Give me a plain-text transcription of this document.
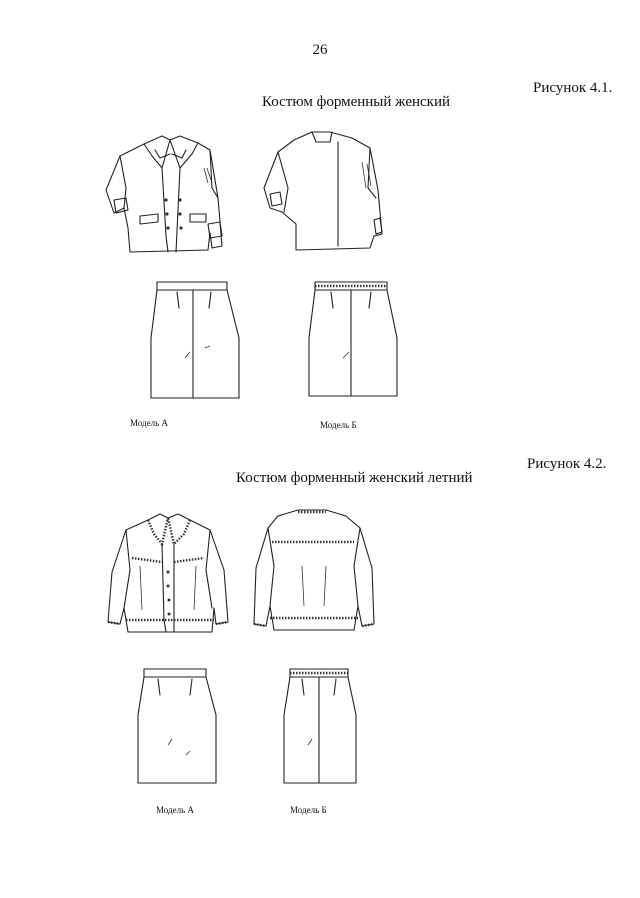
26
Рисунок 4.1.
Костюм форменный женский
Модель А	Модель Б
Рисунок 4.2.
Костюм форменный женский летний
Модель А	Модель Б
